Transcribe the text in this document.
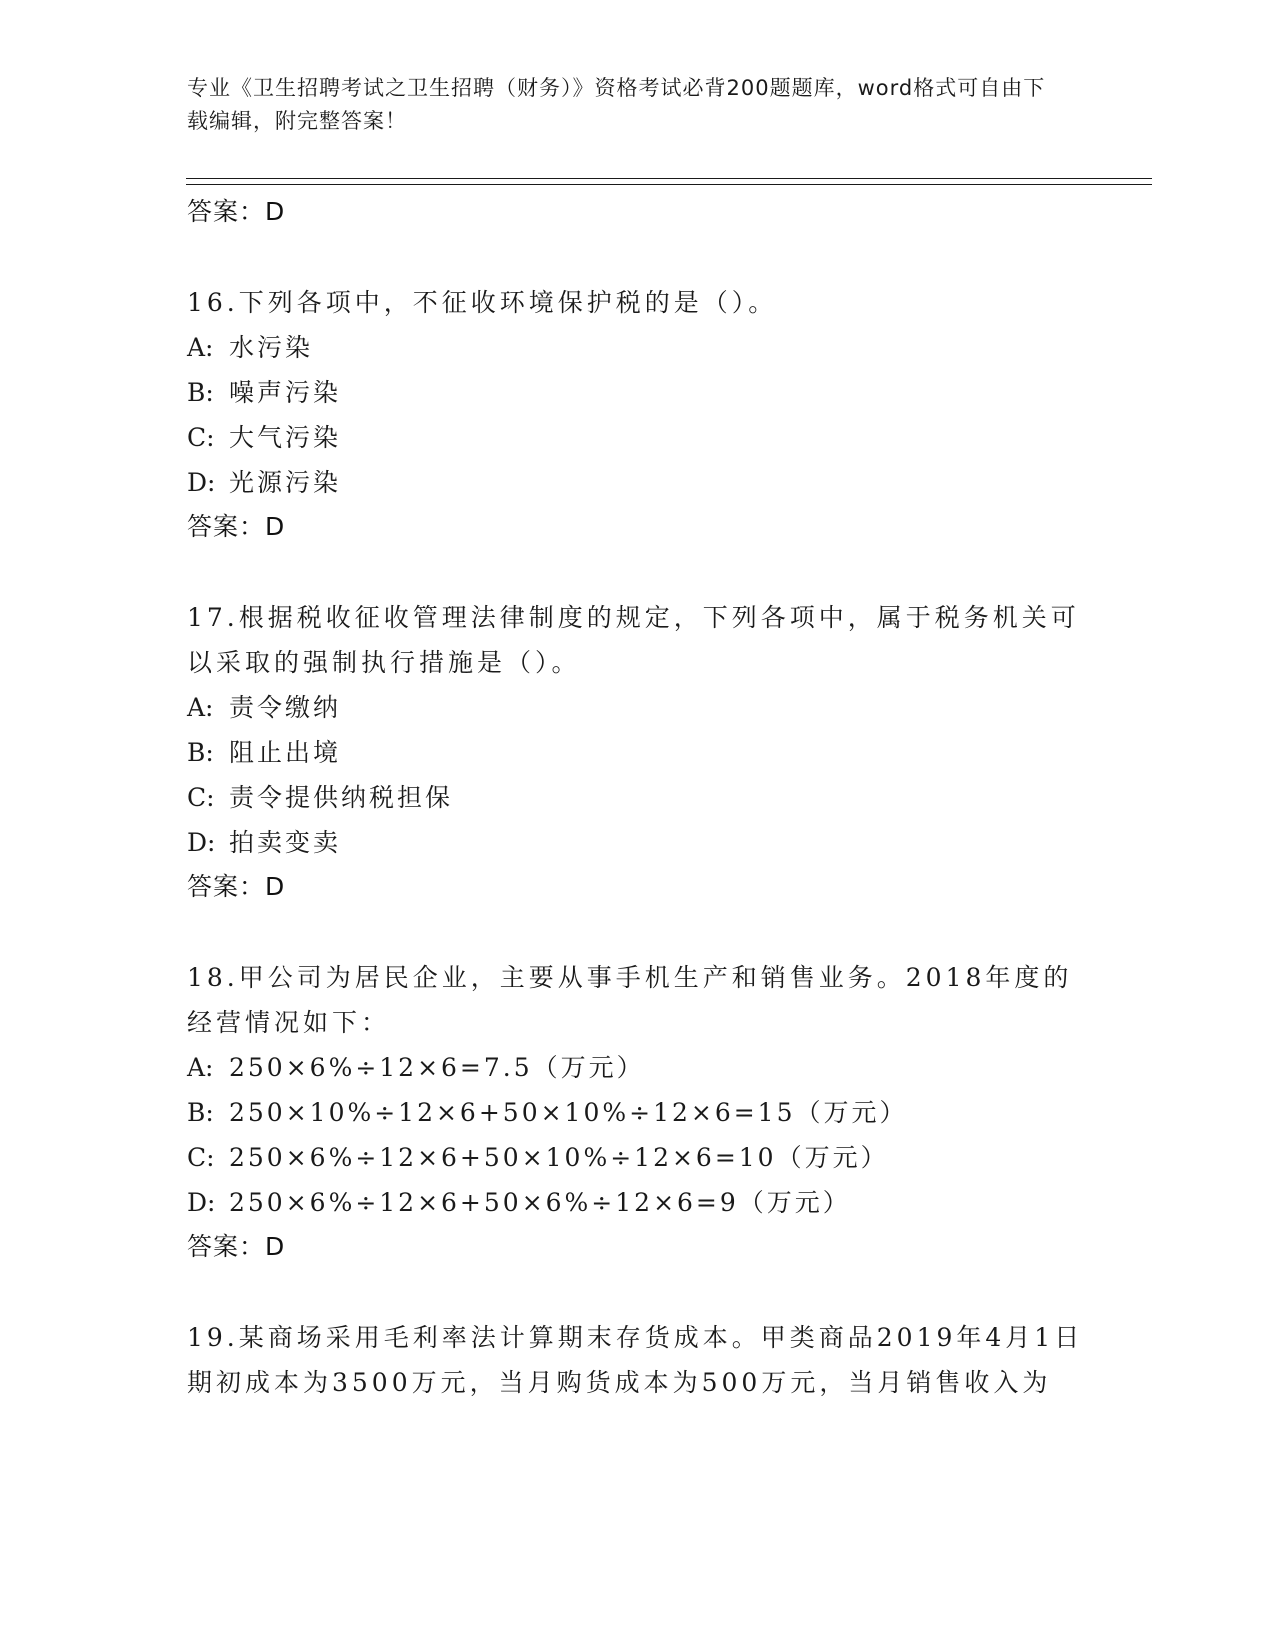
专业《卫生招聘考试之卫生招聘（财务）》资格考试必背200题题库，word格式可自由下载编辑，附完整答案！
答案：D
16.下列各项中，不征收环境保护税的是（）。
A: 水污染
B: 噪声污染
C: 大气污染
D: 光源污染
答案：D
17.根据税收征收管理法律制度的规定，下列各项中，属于税务机关可以采取的强制执行措施是（）。
A: 责令缴纳
B: 阻止出境
C: 责令提供纳税担保
D: 拍卖变卖
答案：D
18.甲公司为居民企业，主要从事手机生产和销售业务。2018年度的经营情况如下：
A: 250×6%÷12×6=7.5（万元）
B: 250×10%÷12×6+50×10%÷12×6=15（万元）
C: 250×6%÷12×6+50×10%÷12×6=10（万元）
D: 250×6%÷12×6+50×6%÷12×6=9（万元）
答案：D
19.某商场采用毛利率法计算期末存货成本。甲类商品2019年4月1日期初成本为3500万元，当月购货成本为500万元，当月销售收入为
